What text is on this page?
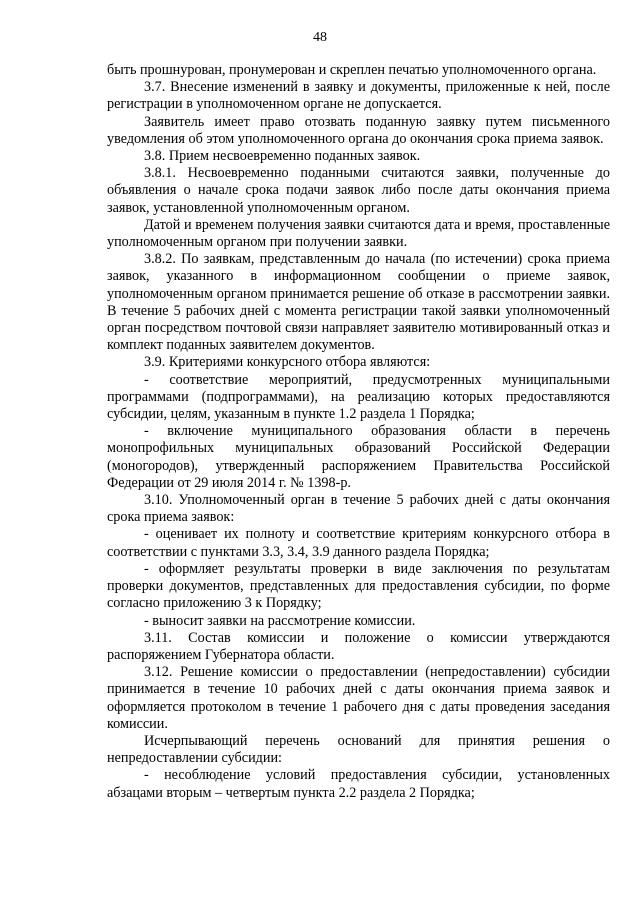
48

быть прошнурован, пронумерован и скреплен печатью уполномоченного органа.

3.7. Внесение изменений в заявку и документы, приложенные к ней, после регистрации в уполномоченном органе не допускается.

Заявитель имеет право отозвать поданную заявку путем письменного уведомления об этом уполномоченного органа до окончания срока приема заявок.

3.8. Прием несвоевременно поданных заявок.

3.8.1. Несвоевременно поданными считаются заявки, полученные до объявления о начале срока подачи заявок либо после даты окончания приема заявок, установленной уполномоченным органом.

Датой и временем получения заявки считаются дата и время, проставленные уполномоченным органом при получении заявки.

3.8.2. По заявкам, представленным до начала (по истечении) срока приема заявок, указанного в информационном сообщении о приеме заявок, уполномоченным органом принимается решение об отказе в рассмотрении заявки. В течение 5 рабочих дней с момента регистрации такой заявки уполномоченный орган посредством почтовой связи направляет заявителю мотивированный отказ и комплект поданных заявителем документов.

3.9. Критериями конкурсного отбора являются:

- соответствие мероприятий, предусмотренных муниципальными программами (подпрограммами), на реализацию которых предоставляются субсидии, целям, указанным в пункте 1.2 раздела 1 Порядка;

- включение муниципального образования области в перечень монопрофильных муниципальных образований Российской Федерации (моногородов), утвержденный распоряжением Правительства Российской Федерации от 29 июля 2014 г. № 1398-р.

3.10. Уполномоченный орган в течение 5 рабочих дней с даты окончания срока приема заявок:

- оценивает их полноту и соответствие критериям конкурсного отбора в соответствии с пунктами 3.3, 3.4, 3.9 данного раздела Порядка;

- оформляет результаты проверки в виде заключения по результатам проверки документов, представленных для предоставления субсидии, по форме согласно приложению 3 к Порядку;

- выносит заявки на рассмотрение комиссии.

3.11. Состав комиссии и положение о комиссии утверждаются распоряжением Губернатора области.

3.12. Решение комиссии о предоставлении (непредоставлении) субсидии принимается в течение 10 рабочих дней с даты окончания приема заявок и оформляется протоколом в течение 1 рабочего дня с даты проведения заседания комиссии.

Исчерпывающий перечень оснований для принятия решения о непредоставлении субсидии:

- несоблюдение условий предоставления субсидии, установленных абзацами вторым – четвертым пункта 2.2 раздела 2 Порядка;
